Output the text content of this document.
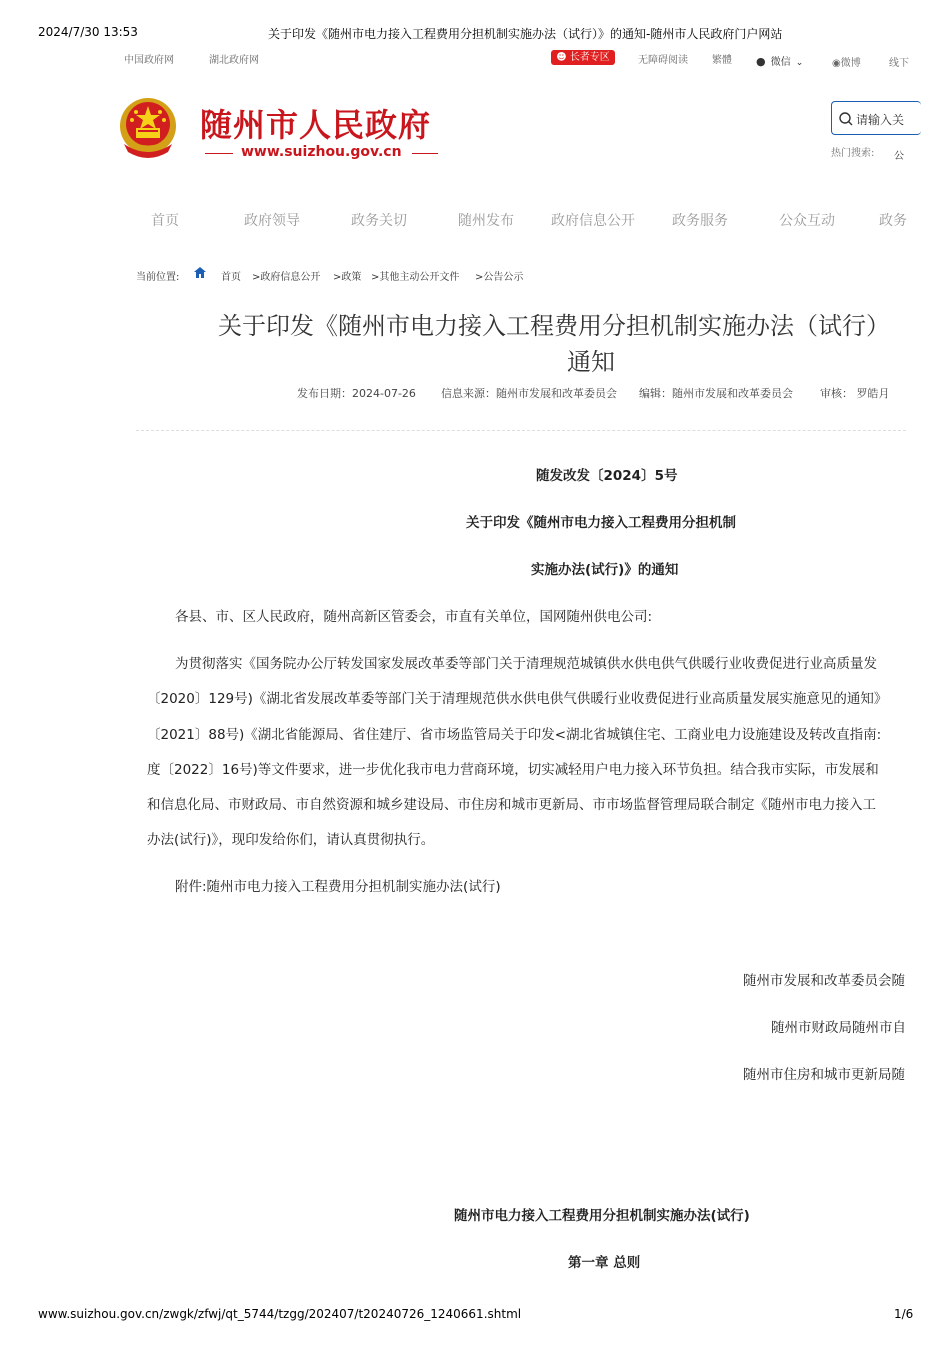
2024/7/30 13:53	关于印发《随州市电力接入工程费用分担机制实施办法（试行）》的通知-随州市人民政府门户网站
中国政府网	湖北政府网	☻ 长者专区	无障碍阅读 繁體 ● 微信 ⌄	◉微博	线下
随州市人民政府
www.suizhou.gov.cn
请输入关
热门搜索: 公
首页	政府领导	政务关切	随州发布	政府信息公开	政务服务	公众互动	政务
当前位置:	首页 >政府信息公开 >政策 >其他主动公开文件 >公告公示
关于印发《随州市电力接入工程费用分担机制实施办法（试行）
通知
发布日期：2024-07-26 信息来源：随州市发展和改革委员会 编辑：随州市发展和改革委员会 审核： 罗皓月
随发改发〔2024〕5号
关于印发《随州市电力接入工程费用分担机制
实施办法(试行)》的通知
各县、市、区人民政府，随州高新区管委会，市直有关单位，国网随州供电公司:
为贯彻落实《国务院办公厅转发国家发展改革委等部门关于清理规范城镇供水供电供气供暖行业收费促进行业高质量发
〔2020〕129号)《湖北省发展改革委等部门关于清理规范供水供电供气供暖行业收费促进行业高质量发展实施意见的通知》
〔2021〕88号)《湖北省能源局、省住建厅、省市场监管局关于印发<湖北省城镇住宅、工商业电力设施建设及转改直指南:
度〔2022〕16号)等文件要求，进一步优化我市电力营商环境，切实减轻用户电力接入环节负担。结合我市实际，市发展和
和信息化局、市财政局、市自然资源和城乡建设局、市住房和城市更新局、市市场监督管理局联合制定《随州市电力接入工
办法(试行)》，现印发给你们，请认真贯彻执行。
附件:随州市电力接入工程费用分担机制实施办法(试行)
随州市发展和改革委员会随
随州市财政局随州市自
随州市住房和城市更新局随
随州市电力接入工程费用分担机制实施办法(试行)
第一章 总则
www.suizhou.gov.cn/zwgk/zfwj/qt_5744/tzgg/202407/t20240726_1240661.shtml	1/6
